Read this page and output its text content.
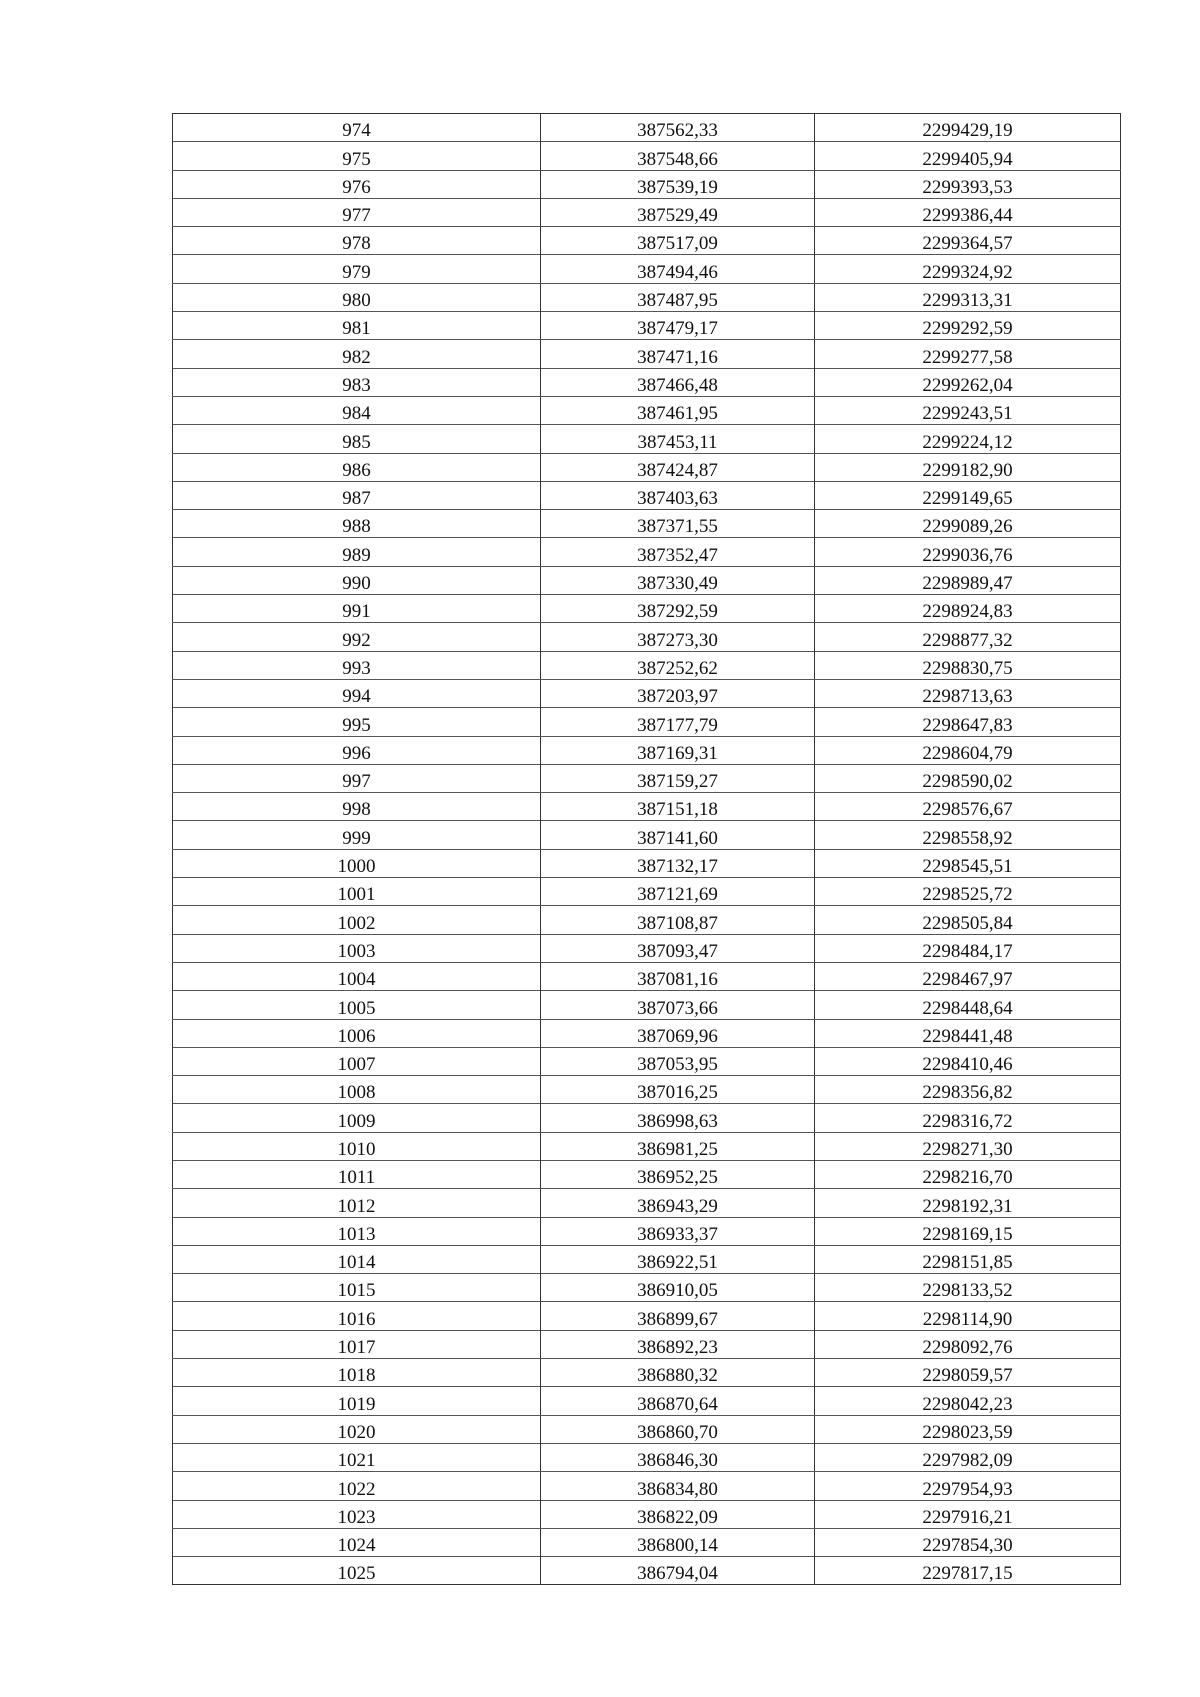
974	387562,33	2299429,19
975	387548,66	2299405,94
976	387539,19	2299393,53
977	387529,49	2299386,44
978	387517,09	2299364,57
979	387494,46	2299324,92
980	387487,95	2299313,31
981	387479,17	2299292,59
982	387471,16	2299277,58
983	387466,48	2299262,04
984	387461,95	2299243,51
985	387453,11	2299224,12
986	387424,87	2299182,90
987	387403,63	2299149,65
988	387371,55	2299089,26
989	387352,47	2299036,76
990	387330,49	2298989,47
991	387292,59	2298924,83
992	387273,30	2298877,32
993	387252,62	2298830,75
994	387203,97	2298713,63
995	387177,79	2298647,83
996	387169,31	2298604,79
997	387159,27	2298590,02
998	387151,18	2298576,67
999	387141,60	2298558,92
1000	387132,17	2298545,51
1001	387121,69	2298525,72
1002	387108,87	2298505,84
1003	387093,47	2298484,17
1004	387081,16	2298467,97
1005	387073,66	2298448,64
1006	387069,96	2298441,48
1007	387053,95	2298410,46
1008	387016,25	2298356,82
1009	386998,63	2298316,72
1010	386981,25	2298271,30
1011	386952,25	2298216,70
1012	386943,29	2298192,31
1013	386933,37	2298169,15
1014	386922,51	2298151,85
1015	386910,05	2298133,52
1016	386899,67	2298114,90
1017	386892,23	2298092,76
1018	386880,32	2298059,57
1019	386870,64	2298042,23
1020	386860,70	2298023,59
1021	386846,30	2297982,09
1022	386834,80	2297954,93
1023	386822,09	2297916,21
1024	386800,14	2297854,30
1025	386794,04	2297817,15
